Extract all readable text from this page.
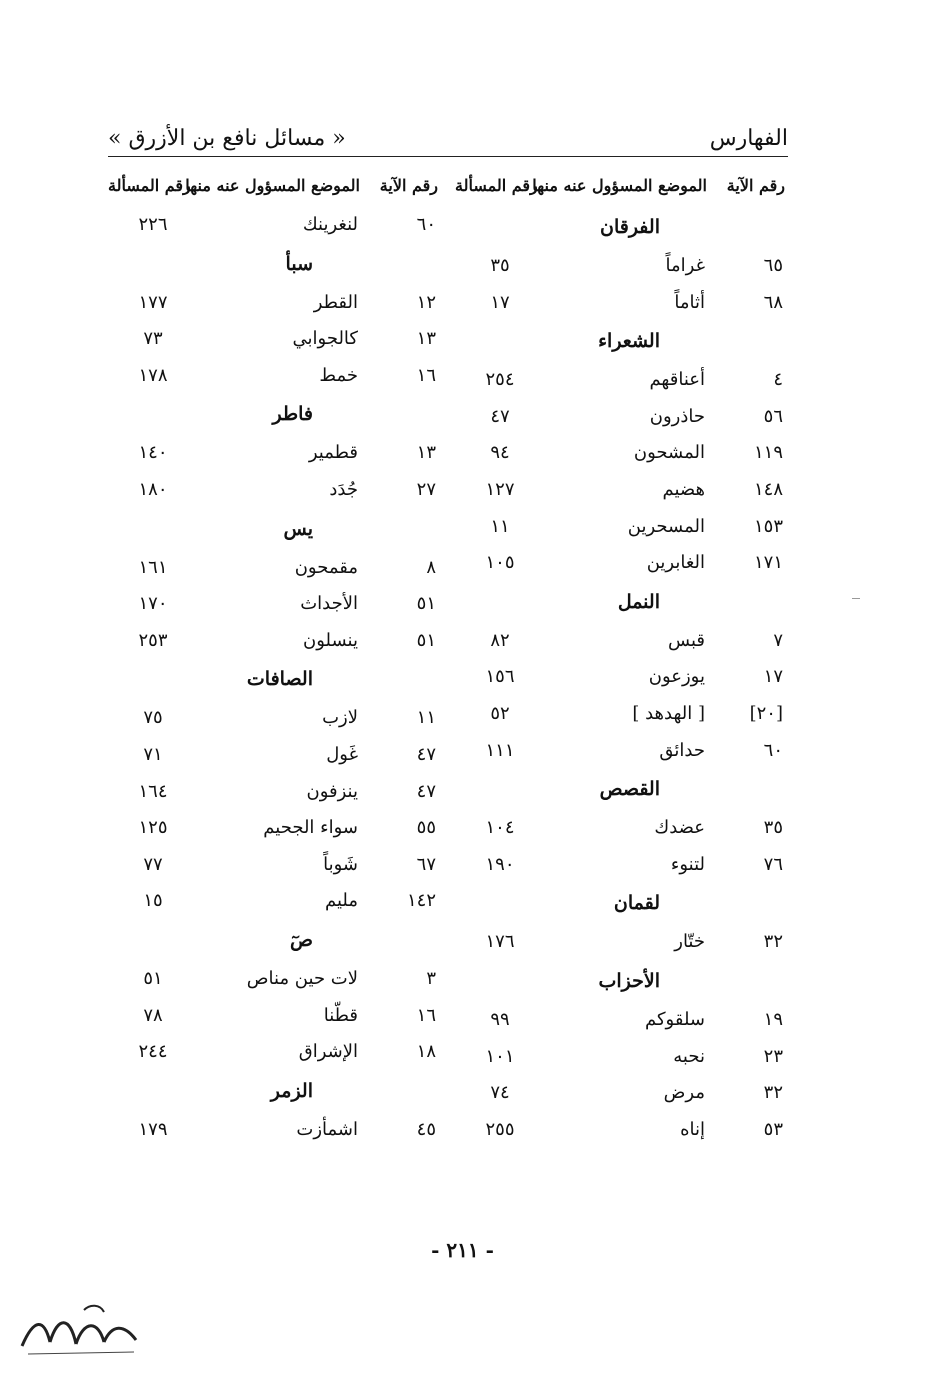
الفهارس
« مسائل نافع بن الأزرق »
رقم الآية
الموضع المسؤول عنه منها
رقم المسألة
الفرقان
٦٥
غراماً
٣٥
٦٨
أثاماً
١٧
الشعراء
٤
أعناقهم
٢٥٤
٥٦
حاذرون
٤٧
١١٩
المشحون
٩٤
١٤٨
هضيم
١٢٧
١٥٣
المسحرين
١١
١٧١
الغابرين
١٠٥
النمل
٧
قبس
٨٢
١٧
يوزعون
١٥٦
[٢٠]
[ الهدهد ]
٥٢
٦٠
حدائق
١١١
القصص
٣٥
عضدك
١٠٤
٧٦
لتنوء
١٩٠
لقمان
٣٢
ختّار
١٧٦
الأحزاب
١٩
سلقوكم
٩٩
٢٣
نحبه
١٠١
٣٢
مرض
٧٤
٥٣
إناه
٢٥٥
رقم الآية
الموضع المسؤول عنه منها
رقم المسألة
٦٠
لنغرينك
٢٢٦
سبأ
١٢
القطر
١٧٧
١٣
كالجوابي
٧٣
١٦
خمط
١٧٨
فاطر
١٣
قطمير
١٤٠
٢٧
جُدَد
١٨٠
يس
٨
مقمحون
١٦١
٥١
الأجداث
١٧٠
٥١
ينسلون
٢٥٣
الصافات
١١
لازب
٧٥
٤٧
غَول
٧١
٤٧
ينزفون
١٦٤
٥٥
سواء الجحيم
١٢٥
٦٧
شَوباً
٧٧
١٤٢
مليم
١٥
صٓ
٣
لات حين مناص
٥١
١٦
قطّنا
٧٨
١٨
الإشراق
٢٤٤
الزمر
٤٥
اشمأزت
١٧٩
- ٢١١ -
